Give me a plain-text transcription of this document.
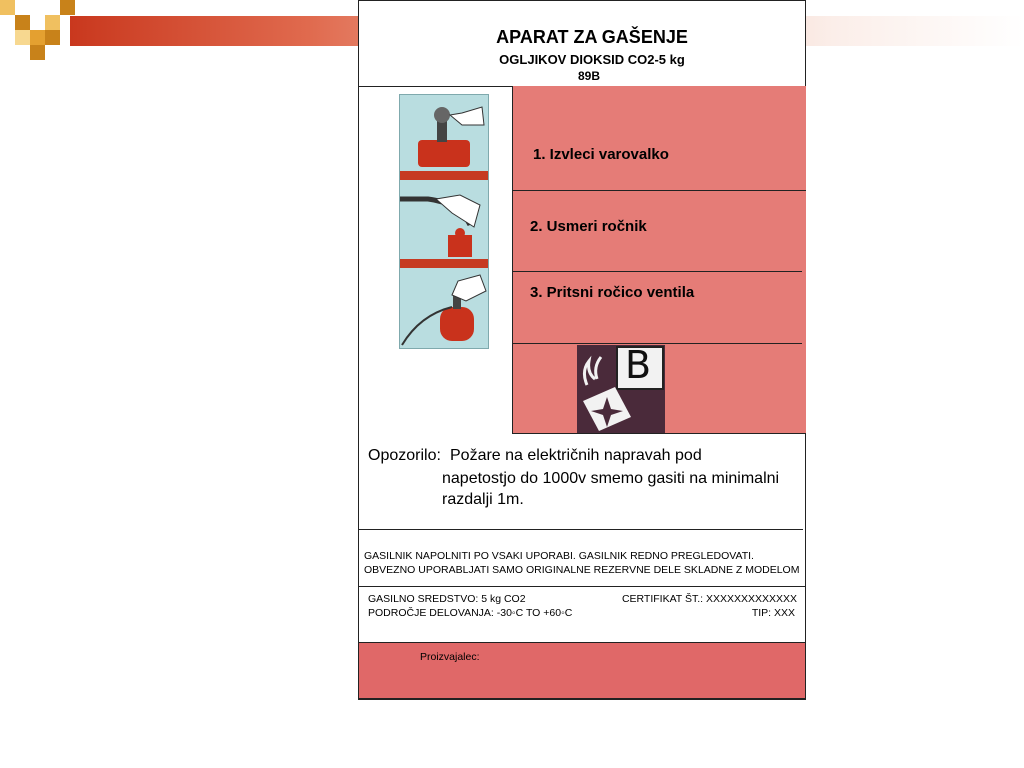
APARAT ZA GAŠENJE
OGLJIKOV DIOKSID CO2-5 kg
89B
1. Izvleci varovalko
2. Usmeri ročnik
3. Pritsni ročico ventila
B
Opozorilo: Požare na električnih napravah pod
napetostjo do 1000v smemo gasiti na minimalni
razdalji 1m.
GASILNIK NAPOLNITI PO VSAKI UPORABI. GASILNIK REDNO PREGLEDOVATI.
OBVEZNO UPORABLJATI SAMO ORIGINALNE REZERVNE DELE SKLADNE Z MODELOM
GASILNO SREDSTVO: 5 kg CO2
PODROČJE DELOVANJA: -30◦C TO +60◦C
CERTIFIKAT ŠT.: XXXXXXXXXXXXX
TIP: XXX
Proizvajalec:
